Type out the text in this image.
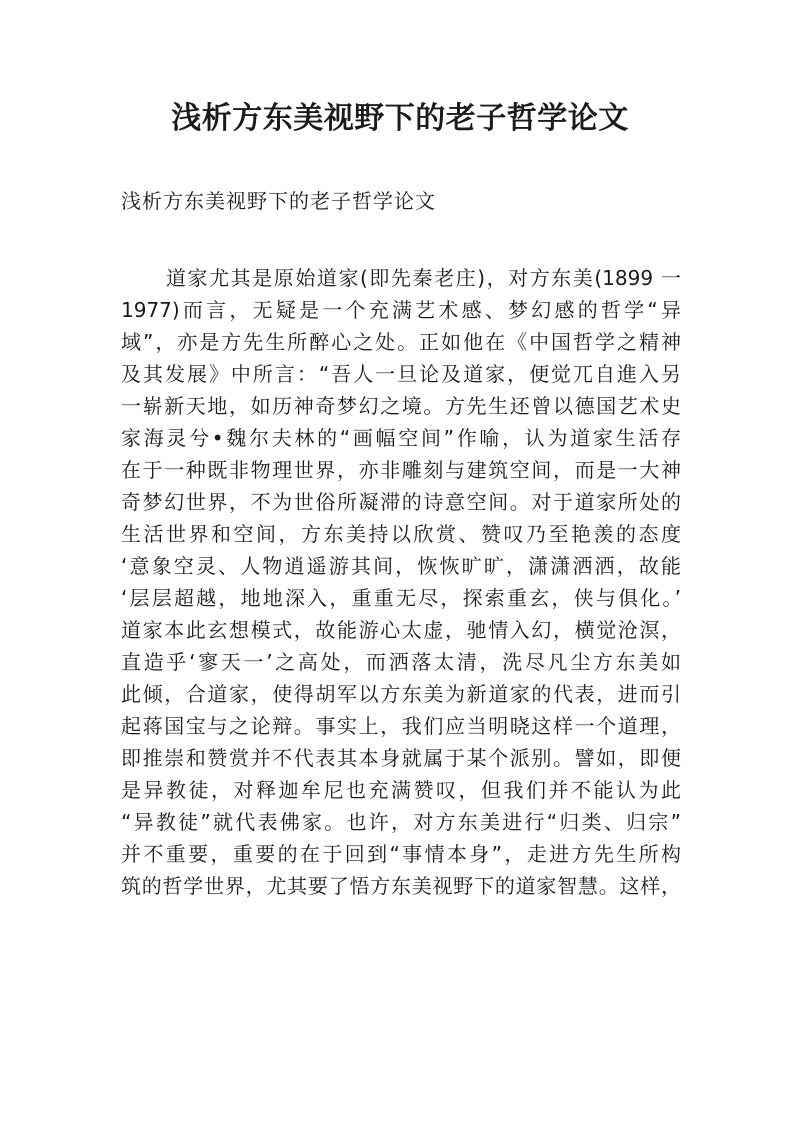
浅析方东美视野下的老子哲学论文

浅析方东美视野下的老子哲学论文

道家尤其是原始道家(即先秦老庄)，对方东美(1899 一
1977)而言，无疑是一个充满艺术感、梦幻感的哲学“异
域”，亦是方先生所醉心之处。正如他在《中国哲学之精神
及其发展》中所言：“吾人一旦论及道家，便觉兀自進入另
一崭新天地，如历神奇梦幻之境。方先生还曾以德国艺术史
家海灵兮•魏尔夫林的“画幅空间”作喻，认为道家生活存
在于一种既非物理世界，亦非雕刻与建筑空间，而是一大神
奇梦幻世界，不为世俗所凝滞的诗意空间。对于道家所处的
生活世界和空间，方东美持以欣赏、赞叹乃至艳羡的态度
‘意象空灵、人物逍遥游其间，恢恢旷旷，潇潇洒洒，故能
‘层层超越，地地深入，重重无尽，探索重玄，侠与俱化。’
道家本此玄想模式，故能游心太虚，驰情入幻，横觉沧溟，
直造乎‘寥天一’之高处，而洒落太清，洗尽凡尘方东美如
此倾，合道家，使得胡军以方东美为新道家的代表，进而引
起蒋国宝与之论辩。事实上，我们应当明晓这样一个道理，
即推崇和赞赏并不代表其本身就属于某个派别。譬如，即便
是异教徒，对释迦牟尼也充满赞叹，但我们并不能认为此
“异教徒”就代表佛家。也许，对方东美进行“归类、归宗”
并不重要，重要的在于回到“事情本身”，走进方先生所构
筑的哲学世界，尤其要了悟方东美视野下的道家智慧。这样，
